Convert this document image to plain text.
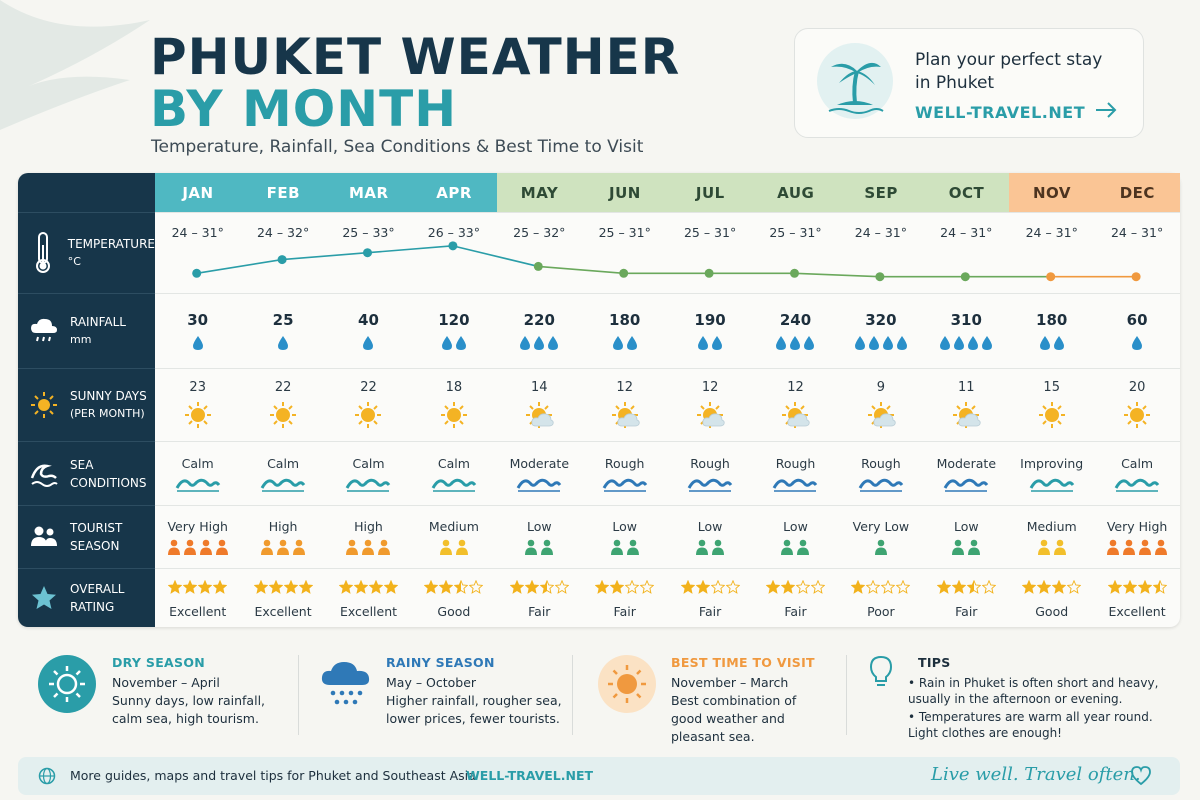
PHUKET WEATHER
BY MONTH
Temperature, Rainfall, Sea Conditions & Best Time to Visit
Plan your perfect stay in Phuket
WELL-TRAVEL.NET
TEMPERATURE
°C
RAINFALL
mm
SUNNY DAYS
(PER MONTH)
SEA
CONDITIONS
TOURIST
SEASON
OVERALL
RATING
JAN
24 – 31°
30
23
Calm
Very High
Excellent
FEB
24 – 32°
25
22
Calm
High
Excellent
MAR
25 – 33°
40
22
Calm
High
Excellent
APR
26 – 33°
120
18
Calm
Medium
Good
MAY
25 – 32°
220
14
Moderate
Low
Fair
JUN
25 – 31°
180
12
Rough
Low
Fair
JUL
25 – 31°
190
12
Rough
Low
Fair
AUG
25 – 31°
240
12
Rough
Low
Fair
SEP
24 – 31°
320
9
Rough
Very Low
Poor
OCT
24 – 31°
310
11
Moderate
Low
Fair
NOV
24 – 31°
180
15
Improving
Medium
Good
DEC
24 – 31°
60
20
Calm
Very High
Excellent
DRY SEASON
November – April
Sunny days, low rainfall, calm sea, high tourism.
RAINY SEASON
May – October
Higher rainfall, rougher sea, lower prices, fewer tourists.
BEST TIME TO VISIT
November – March
Best combination of good weather and pleasant sea.
TIPS
• Rain in Phuket is often short and heavy, usually in the afternoon or evening.
• Temperatures are warm all year round. Light clothes are enough!
More guides, maps and travel tips for Phuket and Southeast Asia
WELL-TRAVEL.NET	Live well. Travel often.
